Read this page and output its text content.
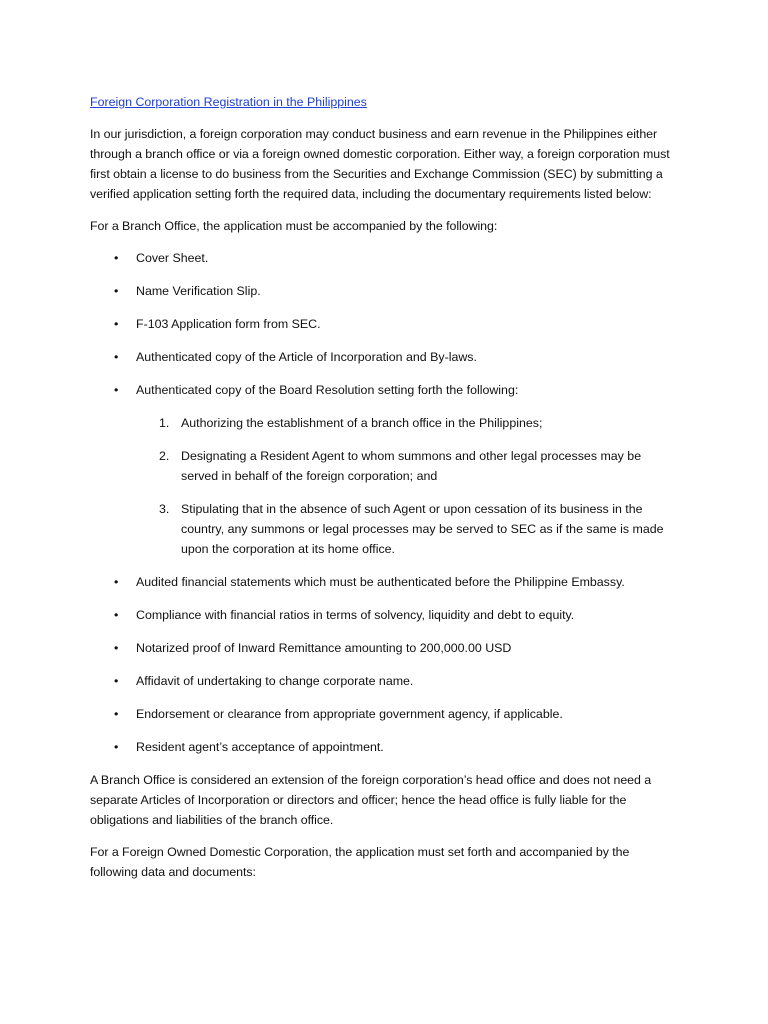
Foreign Corporation Registration in the Philippines

In our jurisdiction, a foreign corporation may conduct business and earn revenue in the Philippines either through a branch office or via a foreign owned domestic corporation. Either way, a foreign corporation must first obtain a license to do business from the Securities and Exchange Commission (SEC) by submitting a verified application setting forth the required data, including the documentary requirements listed below:

For a Branch Office, the application must be accompanied by the following:

• Cover Sheet.
• Name Verification Slip.
• F-103 Application form from SEC.
• Authenticated copy of the Article of Incorporation and By-laws.
• Authenticated copy of the Board Resolution setting forth the following:
1. Authorizing the establishment of a branch office in the Philippines;
2. Designating a Resident Agent to whom summons and other legal processes may be served in behalf of the foreign corporation; and
3. Stipulating that in the absence of such Agent or upon cessation of its business in the country, any summons or legal processes may be served to SEC as if the same is made upon the corporation at its home office.
• Audited financial statements which must be authenticated before the Philippine Embassy.
• Compliance with financial ratios in terms of solvency, liquidity and debt to equity.
• Notarized proof of Inward Remittance amounting to 200,000.00 USD
• Affidavit of undertaking to change corporate name.
• Endorsement or clearance from appropriate government agency, if applicable.
• Resident agent’s acceptance of appointment.

A Branch Office is considered an extension of the foreign corporation’s head office and does not need a separate Articles of Incorporation or directors and officer; hence the head office is fully liable for the obligations and liabilities of the branch office.

For a Foreign Owned Domestic Corporation, the application must set forth and accompanied by the following data and documents:
